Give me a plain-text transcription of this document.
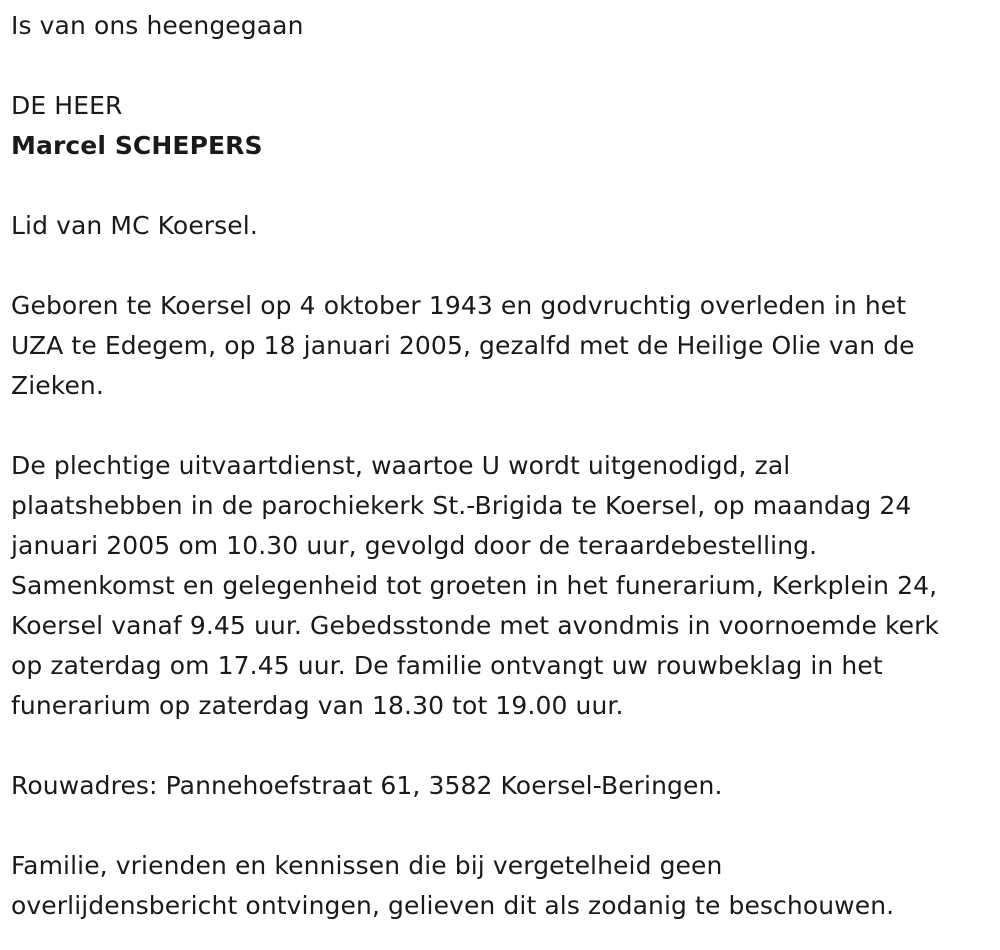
Is van ons heengegaan
DE HEER
Marcel SCHEPERS
Lid van MC Koersel.
Geboren te Koersel op 4 oktober 1943 en godvruchtig overleden in het
UZA te Edegem, op 18 januari 2005, gezalfd met de Heilige Olie van de
Zieken.
De plechtige uitvaartdienst, waartoe U wordt uitgenodigd, zal
plaatshebben in de parochiekerk St.-Brigida te Koersel, op maandag 24
januari 2005 om 10.30 uur, gevolgd door de teraardebestelling.
Samenkomst en gelegenheid tot groeten in het funerarium, Kerkplein 24,
Koersel vanaf 9.45 uur. Gebedsstonde met avondmis in voornoemde kerk
op zaterdag om 17.45 uur. De familie ontvangt uw rouwbeklag in het
funerarium op zaterdag van 18.30 tot 19.00 uur.
Rouwadres: Pannehoefstraat 61, 3582 Koersel-Beringen.
Familie, vrienden en kennissen die bij vergetelheid geen
overlijdensbericht ontvingen, gelieven dit als zodanig te beschouwen.
